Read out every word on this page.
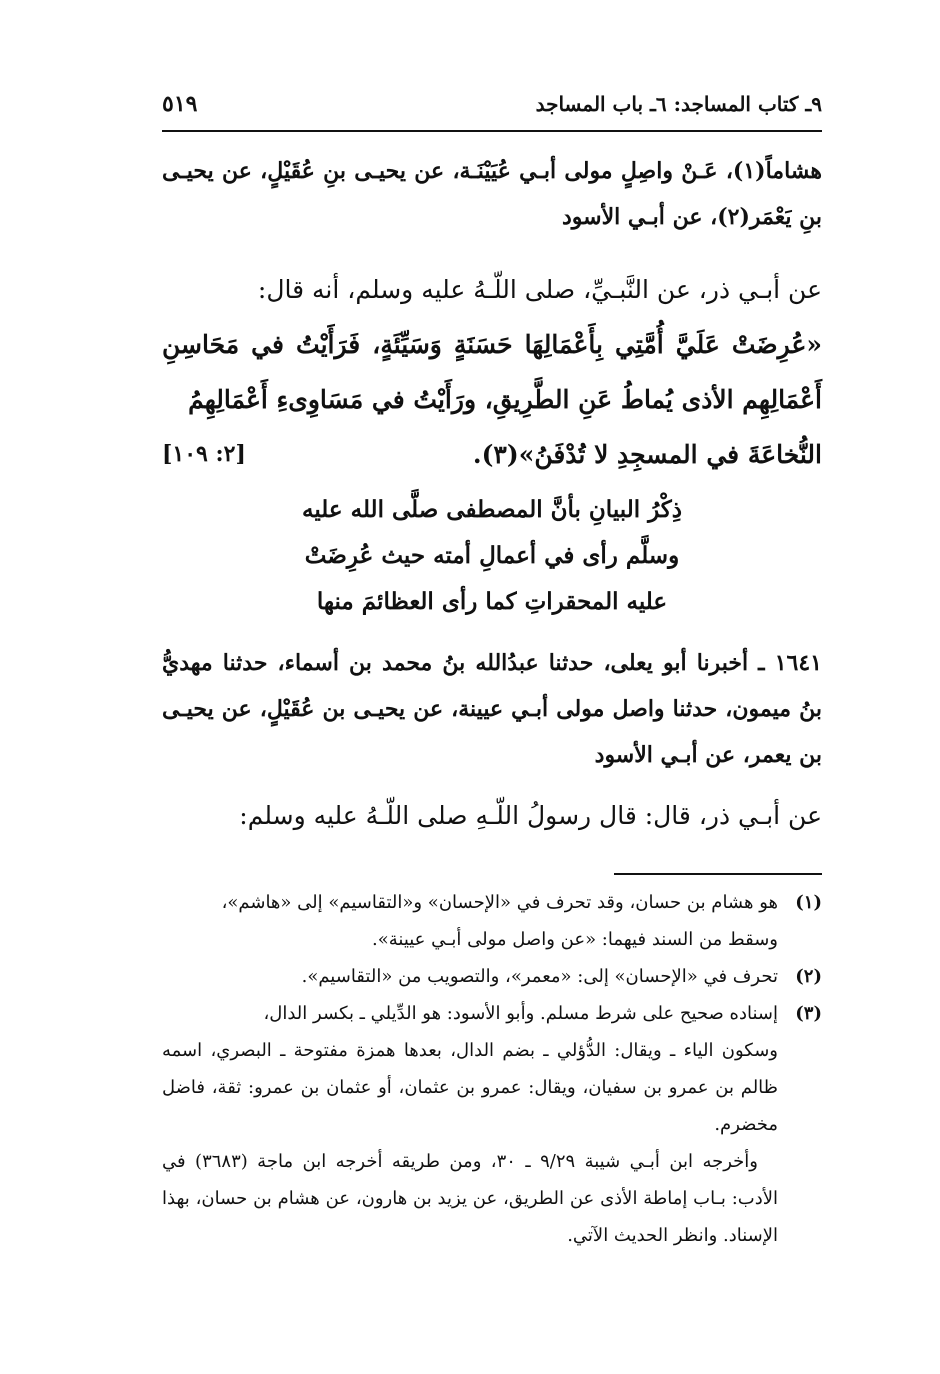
٩ـ كتاب المساجد: ٦ـ باب المساجد
٥١٩

هشاماً(١)، عَـنْ واصِلٍ مولى أبـي عُيَيْنَـة، عن يحيـى بنِ عُقَيْلٍ، عن يحيـى بنِ يَعْمَر(٢)، عن أبـي الأسود

عن أبـي ذر، عن النَّبـيِّ، صلى اللّـهُ عليه وسلم، أنه قال:

«عُرِضَتْ عَلَيَّ أُمَّتِي بِأَعْمَالِهَا حَسَنَةٍ وَسَيِّئَةٍ، فَرَأَيْتُ في مَحَاسِنِ أَعْمَالِهِم الأذى يُماطُ عَنِ الطَّرِيقِ، ورَأَيْتُ في مَسَاوِىءِ أَعْمَالِهِمُ

النُّخاعَةَ في المسجِدِ لا تُدْفَنُ»(٣).
[٢: ١٠٩]
ذِكْرُ البيانِ بأنَّ المصطفى صلَّى الله عليه
وسلَّم رأى في أعمالِ أمته حيث عُرِضَتْ
عليه المحقراتِ كما رأى العظائمَ منها

١٦٤١ ـ أخبرنا أبو يعلى، حدثنا عبدُالله بنُ محمد بن أسماء، حدثنا مهديُّ بنُ ميمون، حدثنا واصل مولى أبـي عيينة، عن يحيـى بن عُقَيْلٍ، عن يحيـى بن يعمر، عن أبـي الأسود

عن أبـي ذر، قال: قال رسولُ اللّـهِ صلى اللّـهُ عليه وسلم:

(١)
هو هشام بن حسان، وقد تحرف في «الإحسان» و«التقاسيم» إلى «هاشم»،
وسقط من السند فيهما: «عن واصل مولى أبـي عيينة».
(٢)
تحرف في «الإحسان» إلى: «معمر»، والتصويب من «التقاسيم».
(٣)
إسناده صحيح على شرط مسلم. وأبو الأسود: هو الدِّيلي ـ بكسر الدال،
وسكون الياء ـ ويقال: الدُّؤلي ـ بضم الدال، بعدها همزة مفتوحة ـ البصري، اسمه ظالم بن عمرو بن سفيان، ويقال: عمرو بن عثمان، أو عثمان بن عمرو: ثقة، فاضل مخضرم.
وأخرجه ابن أبـي شيبة ٩/٢٩ ـ ٣٠، ومن طريقه أخرجه ابن ماجة (٣٦٨٣) في الأدب: بـاب إماطة الأذى عن الطريق، عن يزيد بن هارون، عن هشام بن حسان، بهذا الإسناد. وانظر الحديث الآتي.
